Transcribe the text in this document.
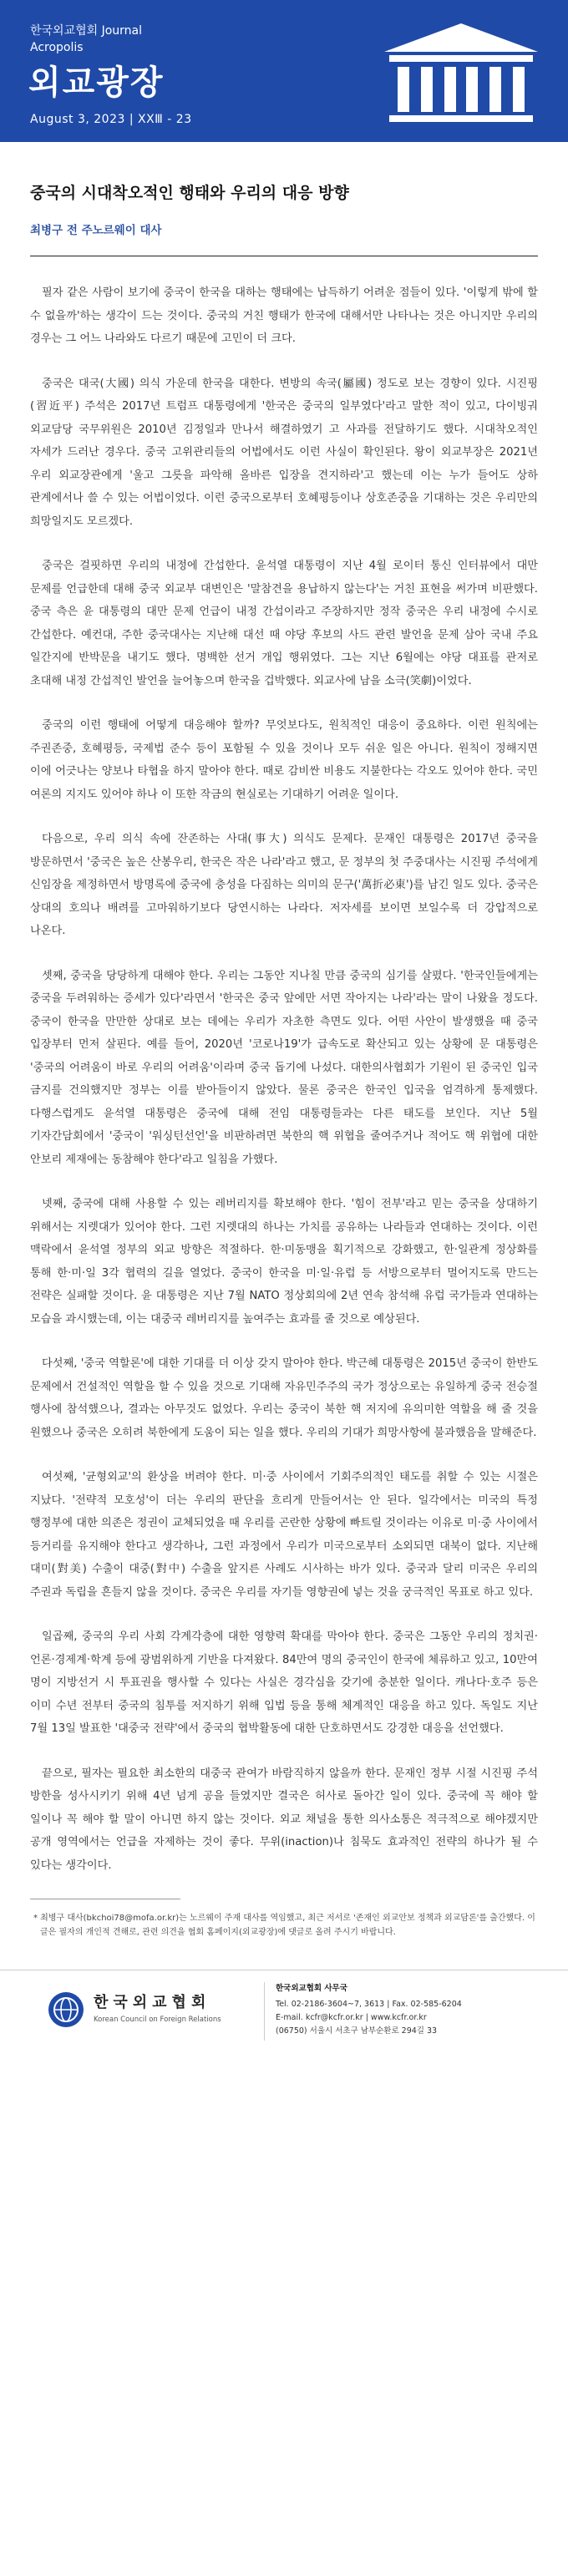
한국외교협회 Journal
Acropolis
외교광장
August 3, 2023 | XⅩⅢ - 23
중국의 시대착오적인 행태와 우리의 대응 방향
최병구 전 주노르웨이 대사

필자 같은 사람이 보기에 중국이 한국을 대하는 행태에는 납득하기 어려운 점들이 있다. '이렇게 밖에 할 수 없을까'하는 생각이 드는 것이다. 중국의 거친 행태가 한국에 대해서만 나타나는 것은 아니지만 우리의 경우는 그 어느 나라와도 다르기 때문에 고민이 더 크다.

중국은 대국(大國) 의식 가운데 한국을 대한다. 변방의 속국(屬國) 정도로 보는 경향이 있다. 시진핑(習近平) 주석은 2017년 트럼프 대통령에게 '한국은 중국의 일부였다'라고 말한 적이 있고, 다이빙궈 외교담당 국무위원은 2010년 김정일과 만나서 해결하였기 고 사과를 전달하기도 했다. 시대착오적인 자세가 드러난 경우다. 중국 고위관리들의 어법에서도 이런 사실이 확인된다. 왕이 외교부장은 2021년 우리 외교장관에게 '울고 그릇을 파악해 올바른 입장을 견지하라'고 했는데 이는 누가 들어도 상하 관계에서나 쓸 수 있는 어법이었다. 이런 중국으로부터 호혜평등이나 상호존중을 기대하는 것은 우리만의 희망일지도 모르겠다.

중국은 걸핏하면 우리의 내정에 간섭한다. 윤석열 대통령이 지난 4월 로이터 통신 인터뷰에서 대만 문제를 언급한데 대해 중국 외교부 대변인은 '말참견을 용납하지 않는다'는 거친 표현을 써가며 비판했다. 중국 측은 윤 대통령의 대만 문제 언급이 내정 간섭이라고 주장하지만 정작 중국은 우리 내정에 수시로 간섭한다. 예컨대, 주한 중국대사는 지난해 대선 때 야당 후보의 사드 관련 발언을 문제 삼아 국내 주요 일간지에 반박문을 내기도 했다. 명백한 선거 개입 행위였다. 그는 지난 6월에는 야당 대표를 관저로 초대해 내정 간섭적인 발언을 늘어놓으며 한국을 겁박했다. 외교사에 남을 소극(笑劇)이었다.

중국의 이런 행태에 어떻게 대응해야 할까? 무엇보다도, 원칙적인 대응이 중요하다. 이런 원칙에는 주권존중, 호혜평등, 국제법 준수 등이 포함될 수 있을 것이나 모두 쉬운 일은 아니다. 원칙이 정해지면 이에 어긋나는 양보나 타협을 하지 말아야 한다. 때로 감비싼 비용도 지불한다는 각오도 있어야 한다. 국민 여론의 지지도 있어야 하나 이 또한 작금의 현실로는 기대하기 어려운 일이다.

다음으로, 우리 의식 속에 잔존하는 사대(事大) 의식도 문제다. 문재인 대통령은 2017년 중국을 방문하면서 '중국은 높은 산봉우리, 한국은 작은 나라'라고 했고, 문 정부의 첫 주중대사는 시진핑 주석에게 신임장을 제정하면서 방명록에 중국에 충성을 다짐하는 의미의 문구('萬折必東')를 남긴 일도 있다. 중국은 상대의 호의나 배려를 고마워하기보다 당연시하는 나라다. 저자세를 보이면 보일수록 더 강압적으로 나온다.

셋째, 중국을 당당하게 대해야 한다. 우리는 그동안 지나칠 만큼 중국의 심기를 살폈다. '한국인들에게는 중국을 두려워하는 증세가 있다'라면서 '한국은 중국 앞에만 서면 작아지는 나라'라는 말이 나왔을 정도다. 중국이 한국을 만만한 상대로 보는 데에는 우리가 자초한 측면도 있다. 어떤 사안이 발생했을 때 중국 입장부터 먼저 살핀다. 예를 들어, 2020년 '코로나19'가 급속도로 확산되고 있는 상황에 문 대통령은 '중국의 어려움이 바로 우리의 어려움'이라며 중국 돕기에 나섰다. 대한의사협회가 기원이 된 중국인 입국 금지를 건의했지만 정부는 이를 받아들이지 않았다. 물론 중국은 한국인 입국을 엄격하게 통제했다. 다행스럽게도 윤석열 대통령은 중국에 대해 전임 대통령들과는 다른 태도를 보인다. 지난 5월 기자간담회에서 '중국이 '워싱턴선언'을 비판하려면 북한의 핵 위협을 줄여주거나 적어도 핵 위협에 대한 안보리 제재에는 동참해야 한다'라고 일침을 가했다.

넷째, 중국에 대해 사용할 수 있는 레버리지를 확보해야 한다. '힘이 전부'라고 믿는 중국을 상대하기 위해서는 지렛대가 있어야 한다. 그런 지렛대의 하나는 가치를 공유하는 나라들과 연대하는 것이다. 이런 맥락에서 윤석열 정부의 외교 방향은 적절하다. 한·미동맹을 획기적으로 강화했고, 한·일관계 정상화를 통해 한·미·일 3각 협력의 길을 열었다. 중국이 한국을 미·일·유럽 등 서방으로부터 멀어지도록 만드는 전략은 실패할 것이다. 윤 대통령은 지난 7월 NATO 정상회의에 2년 연속 참석해 유럽 국가들과 연대하는 모습을 과시했는데, 이는 대중국 레버리지를 높여주는 효과를 줄 것으로 예상된다.

다섯째, '중국 역할론'에 대한 기대를 더 이상 갖지 말아야 한다. 박근혜 대통령은 2015년 중국이 한반도 문제에서 건설적인 역할을 할 수 있을 것으로 기대해 자유민주주의 국가 정상으로는 유일하게 중국 전승절 행사에 참석했으나, 결과는 아무것도 없었다. 우리는 중국이 북한 핵 저지에 유의미한 역할을 해 줄 것을 원했으나 중국은 오히려 북한에게 도움이 되는 일을 했다. 우리의 기대가 희망사항에 불과했음을 말해준다.

여섯째, '균형외교'의 환상을 버려야 한다. 미·중 사이에서 기회주의적인 태도를 취할 수 있는 시절은 지났다. '전략적 모호성'이 더는 우리의 판단을 흐리게 만들어서는 안 된다. 일각에서는 미국의 특정 행정부에 대한 의존은 정권이 교체되었을 때 우리를 곤란한 상황에 빠트릴 것이라는 이유로 미·중 사이에서 등거리를 유지해야 한다고 생각하나, 그런 과정에서 우리가 미국으로부터 소외되면 대북이 없다. 지난해 대미(對美) 수출이 대중(對中) 수출을 앞지른 사례도 시사하는 바가 있다. 중국과 달리 미국은 우리의 주권과 독립을 흔들지 않을 것이다. 중국은 우리를 자기들 영향권에 넣는 것을 궁극적인 목표로 하고 있다.

일곱째, 중국의 우리 사회 각계각층에 대한 영향력 확대를 막아야 한다. 중국은 그동안 우리의 정치권·언론·경제계·학계 등에 광범위하게 기반을 다져왔다. 84만여 명의 중국인이 한국에 체류하고 있고, 10만여 명이 지방선거 시 투표권을 행사할 수 있다는 사실은 경각심을 갖기에 충분한 일이다. 캐나다·호주 등은 이미 수년 전부터 중국의 침투를 저지하기 위해 입법 등을 통해 체계적인 대응을 하고 있다. 독일도 지난 7월 13일 발표한 '대중국 전략'에서 중국의 협박활동에 대한 단호하면서도 강경한 대응을 선언했다.

끝으로, 필자는 필요한 최소한의 대중국 관여가 바람직하지 않을까 한다. 문재인 정부 시절 시진핑 주석 방한을 성사시키기 위해 4년 넘게 공을 들였지만 결국은 허사로 돌아간 일이 있다. 중국에 꼭 해야 할 일이나 꼭 해야 할 말이 아니면 하지 않는 것이다. 외교 채널을 통한 의사소통은 적극적으로 해야겠지만 공개 영역에서는 언급을 자제하는 것이 좋다. 무위(inaction)나 침묵도 효과적인 전략의 하나가 될 수 있다는 생각이다.

* 최병구 대사(bkchoi78@mofa.or.kr)는 노르웨이 주재 대사를 역임했고, 최근 저서로 '존재인 외교안보 정책과 외교담론'를 출간했다. 이 글은 필자의 개인적 견해로, 관련 의견을 협회 홈페이지(외교광장)에 댓글로 올려 주시기 바랍니다.

한국외교협회
Korean Council on Foreign Relations
한국외교협회 사무국
Tel. 02-2186-3604~7, 3613 | Fax. 02-585-6204
E-mail. kcfr@kcfr.or.kr | www.kcfr.or.kr
(06750) 서울시 서초구 남부순환로 294길 33
